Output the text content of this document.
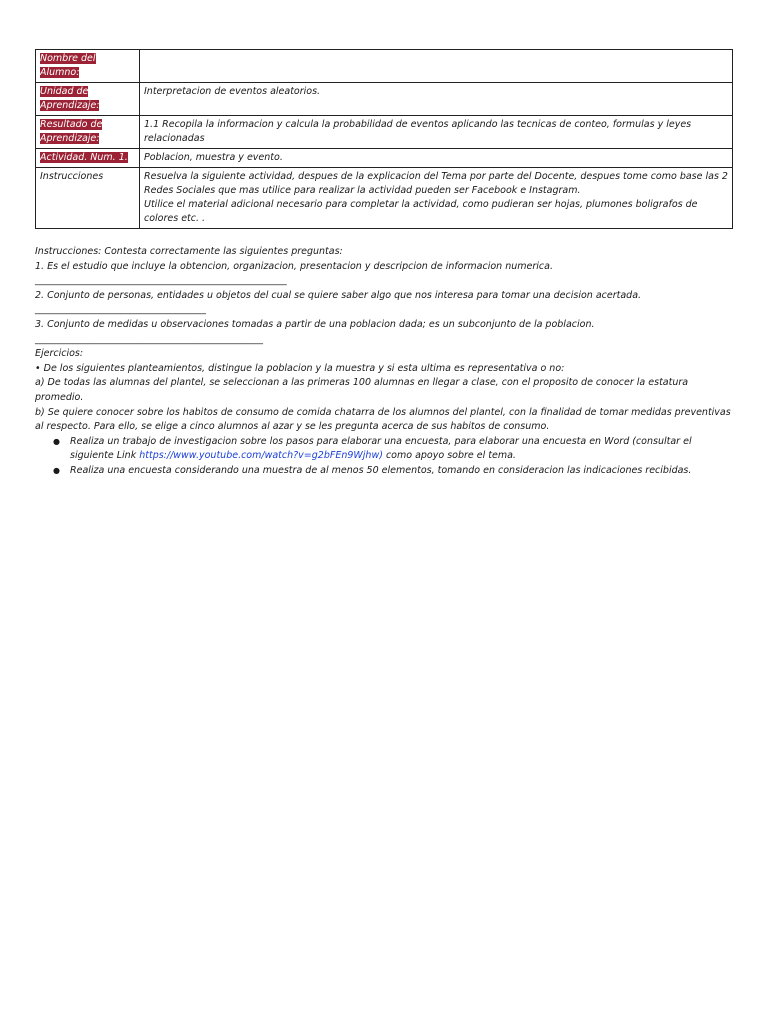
Nombre del Alumno:	
Unidad de Aprendizaje:	Interpretacion de eventos aleatorios.
Resultado de Aprendizaje:	1.1 Recopila la informacion y calcula la probabilidad de eventos aplicando las tecnicas de conteo, formulas y leyes relacionadas
Actividad. Num. 1.	Poblacion, muestra y evento.
Instrucciones	Resuelva la siguiente actividad, despues de la explicacion del Tema por parte del Docente, despues tome como base las 2 Redes Sociales que mas utilice para realizar la actividad pueden ser Facebook e Instagram.
Utilice el material adicional necesario para completar la actividad, como pudieran ser hojas, plumones boligrafos de colores etc. .
Instrucciones: Contesta correctamente las siguientes preguntas:
1. Es el estudio que incluye la obtencion, organizacion, presentacion y descripcion de informacion numerica.
_____________________________________________________
2. Conjunto de personas, entidades u objetos del cual se quiere saber algo que nos interesa para tomar una decision acertada.
____________________________________
3. Conjunto de medidas u observaciones tomadas a partir de una poblacion dada; es un subconjunto de la poblacion.
________________________________________________
Ejercicios:
• De los siguientes planteamientos, distingue la poblacion y la muestra y si esta ultima es representativa o no:
a) De todas las alumnas del plantel, se seleccionan a las primeras 100 alumnas en llegar a clase, con el proposito de conocer la estatura promedio.
b) Se quiere conocer sobre los habitos de consumo de comida chatarra de los alumnos del plantel, con la finalidad de tomar medidas preventivas al respecto. Para ello, se elige a cinco alumnos al azar y se les pregunta acerca de sus habitos de consumo.
● Realiza un trabajo de investigacion sobre los pasos para elaborar una encuesta, para elaborar una encuesta en Word (consultar el siguiente Link https://www.youtube.com/watch?v=g2bFEn9Wjhw) como apoyo sobre el tema.
● Realiza una encuesta considerando una muestra de al menos 50 elementos, tomando en consideracion las indicaciones recibidas.
